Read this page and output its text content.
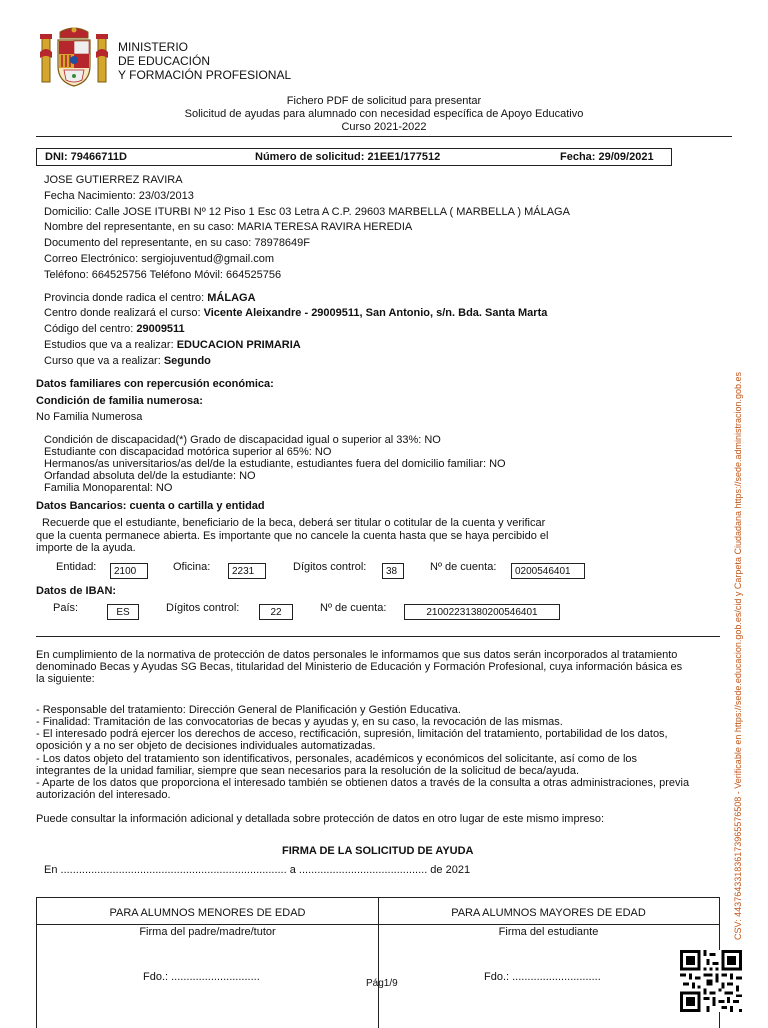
MINISTERIO
DE EDUCACIÓN
Y FORMACIÓN PROFESIONAL
Fichero PDF de solicitud para presentar
Solicitud de ayudas para alumnado con necesidad específica de Apoyo Educativo
Curso 2021-2022
DNI: 79466711D	Número de solicitud: 21EE1/177512	Fecha: 29/09/2021
JOSE GUTIERREZ RAVIRA
Fecha Nacimiento: 23/03/2013
Domicilio: Calle JOSE ITURBI Nº 12 Piso 1 Esc 03 Letra A C.P. 29603 MARBELLA ( MARBELLA ) MÁLAGA
Nombre del representante, en su caso: MARIA TERESA RAVIRA HEREDIA
Documento del representante, en su caso: 78978649F
Correo Electrónico: sergiojuventud@gmail.com
Teléfono: 664525756 Teléfono Móvil: 664525756
Provincia donde radica el centro: MÁLAGA
Centro donde realizará el curso: Vicente Aleixandre - 29009511, San Antonio, s/n. Bda. Santa Marta
Código del centro: 29009511
Estudios que va a realizar: EDUCACION PRIMARIA
Curso que va a realizar: Segundo
Datos familiares con repercusión económica:
Condición de familia numerosa:
No Familia Numerosa
Condición de discapacidad(*) Grado de discapacidad igual o superior al 33%: NO
Estudiante con discapacidad motórica superior al 65%: NO
Hermanos/as universitarios/as del/de la estudiante, estudiantes fuera del domicilio familiar: NO
Orfandad absoluta del/de la estudiante: NO
Familia Monoparental: NO
Datos Bancarios: cuenta o cartilla y entidad
Recuerde que el estudiante, beneficiario de la beca, deberá ser titular o cotitular de la cuenta y verificar
que la cuenta permanece abierta. Es importante que no cancele la cuenta hasta que se haya percibido el
importe de la ayuda.
Entidad:	2100	Oficina:	2231	Dígitos control:	38	Nº de cuenta:	0200546401
Datos de IBAN:
País:	ES	Dígitos control:	22	Nº de cuenta:	21002231380200546401
En cumplimiento de la normativa de protección de datos personales le informamos que sus datos serán incorporados al tratamiento
denominado Becas y Ayudas SG Becas, titularidad del Ministerio de Educación y Formación Profesional, cuya información básica es
la siguiente:
- Responsable del tratamiento: Dirección General de Planificación y Gestión Educativa.
- Finalidad: Tramitación de las convocatorias de becas y ayudas y, en su caso, la revocación de las mismas.
- El interesado podrá ejercer los derechos de acceso, rectificación, supresión, limitación del tratamiento, portabilidad de los datos,
oposición y a no ser objeto de decisiones individuales automatizadas.
- Los datos objeto del tratamiento son identificativos, personales, académicos y económicos del solicitante, así como de los
integrantes de la unidad familiar, siempre que sean necesarios para la resolución de la solicitud de beca/ayuda.
- Aparte de los datos que proporciona el interesado también se obtienen datos a través de la consulta a otras administraciones, previa
autorización del interesado.
Puede consultar la información adicional y detallada sobre protección de datos en otro lugar de este mismo impreso:
FIRMA DE LA SOLICITUD DE AYUDA
En .......................................................................... a .......................................... de 2021
PARA ALUMNOS MENORES DE EDAD	PARA ALUMNOS MAYORES DE EDAD
Firma del padre/madre/tutor	Firma del estudiante
Fdo.: .............................	Fdo.: .............................
Pág1/9
CSV: 443764331836173965576508 - Verificable en https://sede.educacion.gob.es/cid y Carpeta Ciudadana https://sede.administracion.gob.es
